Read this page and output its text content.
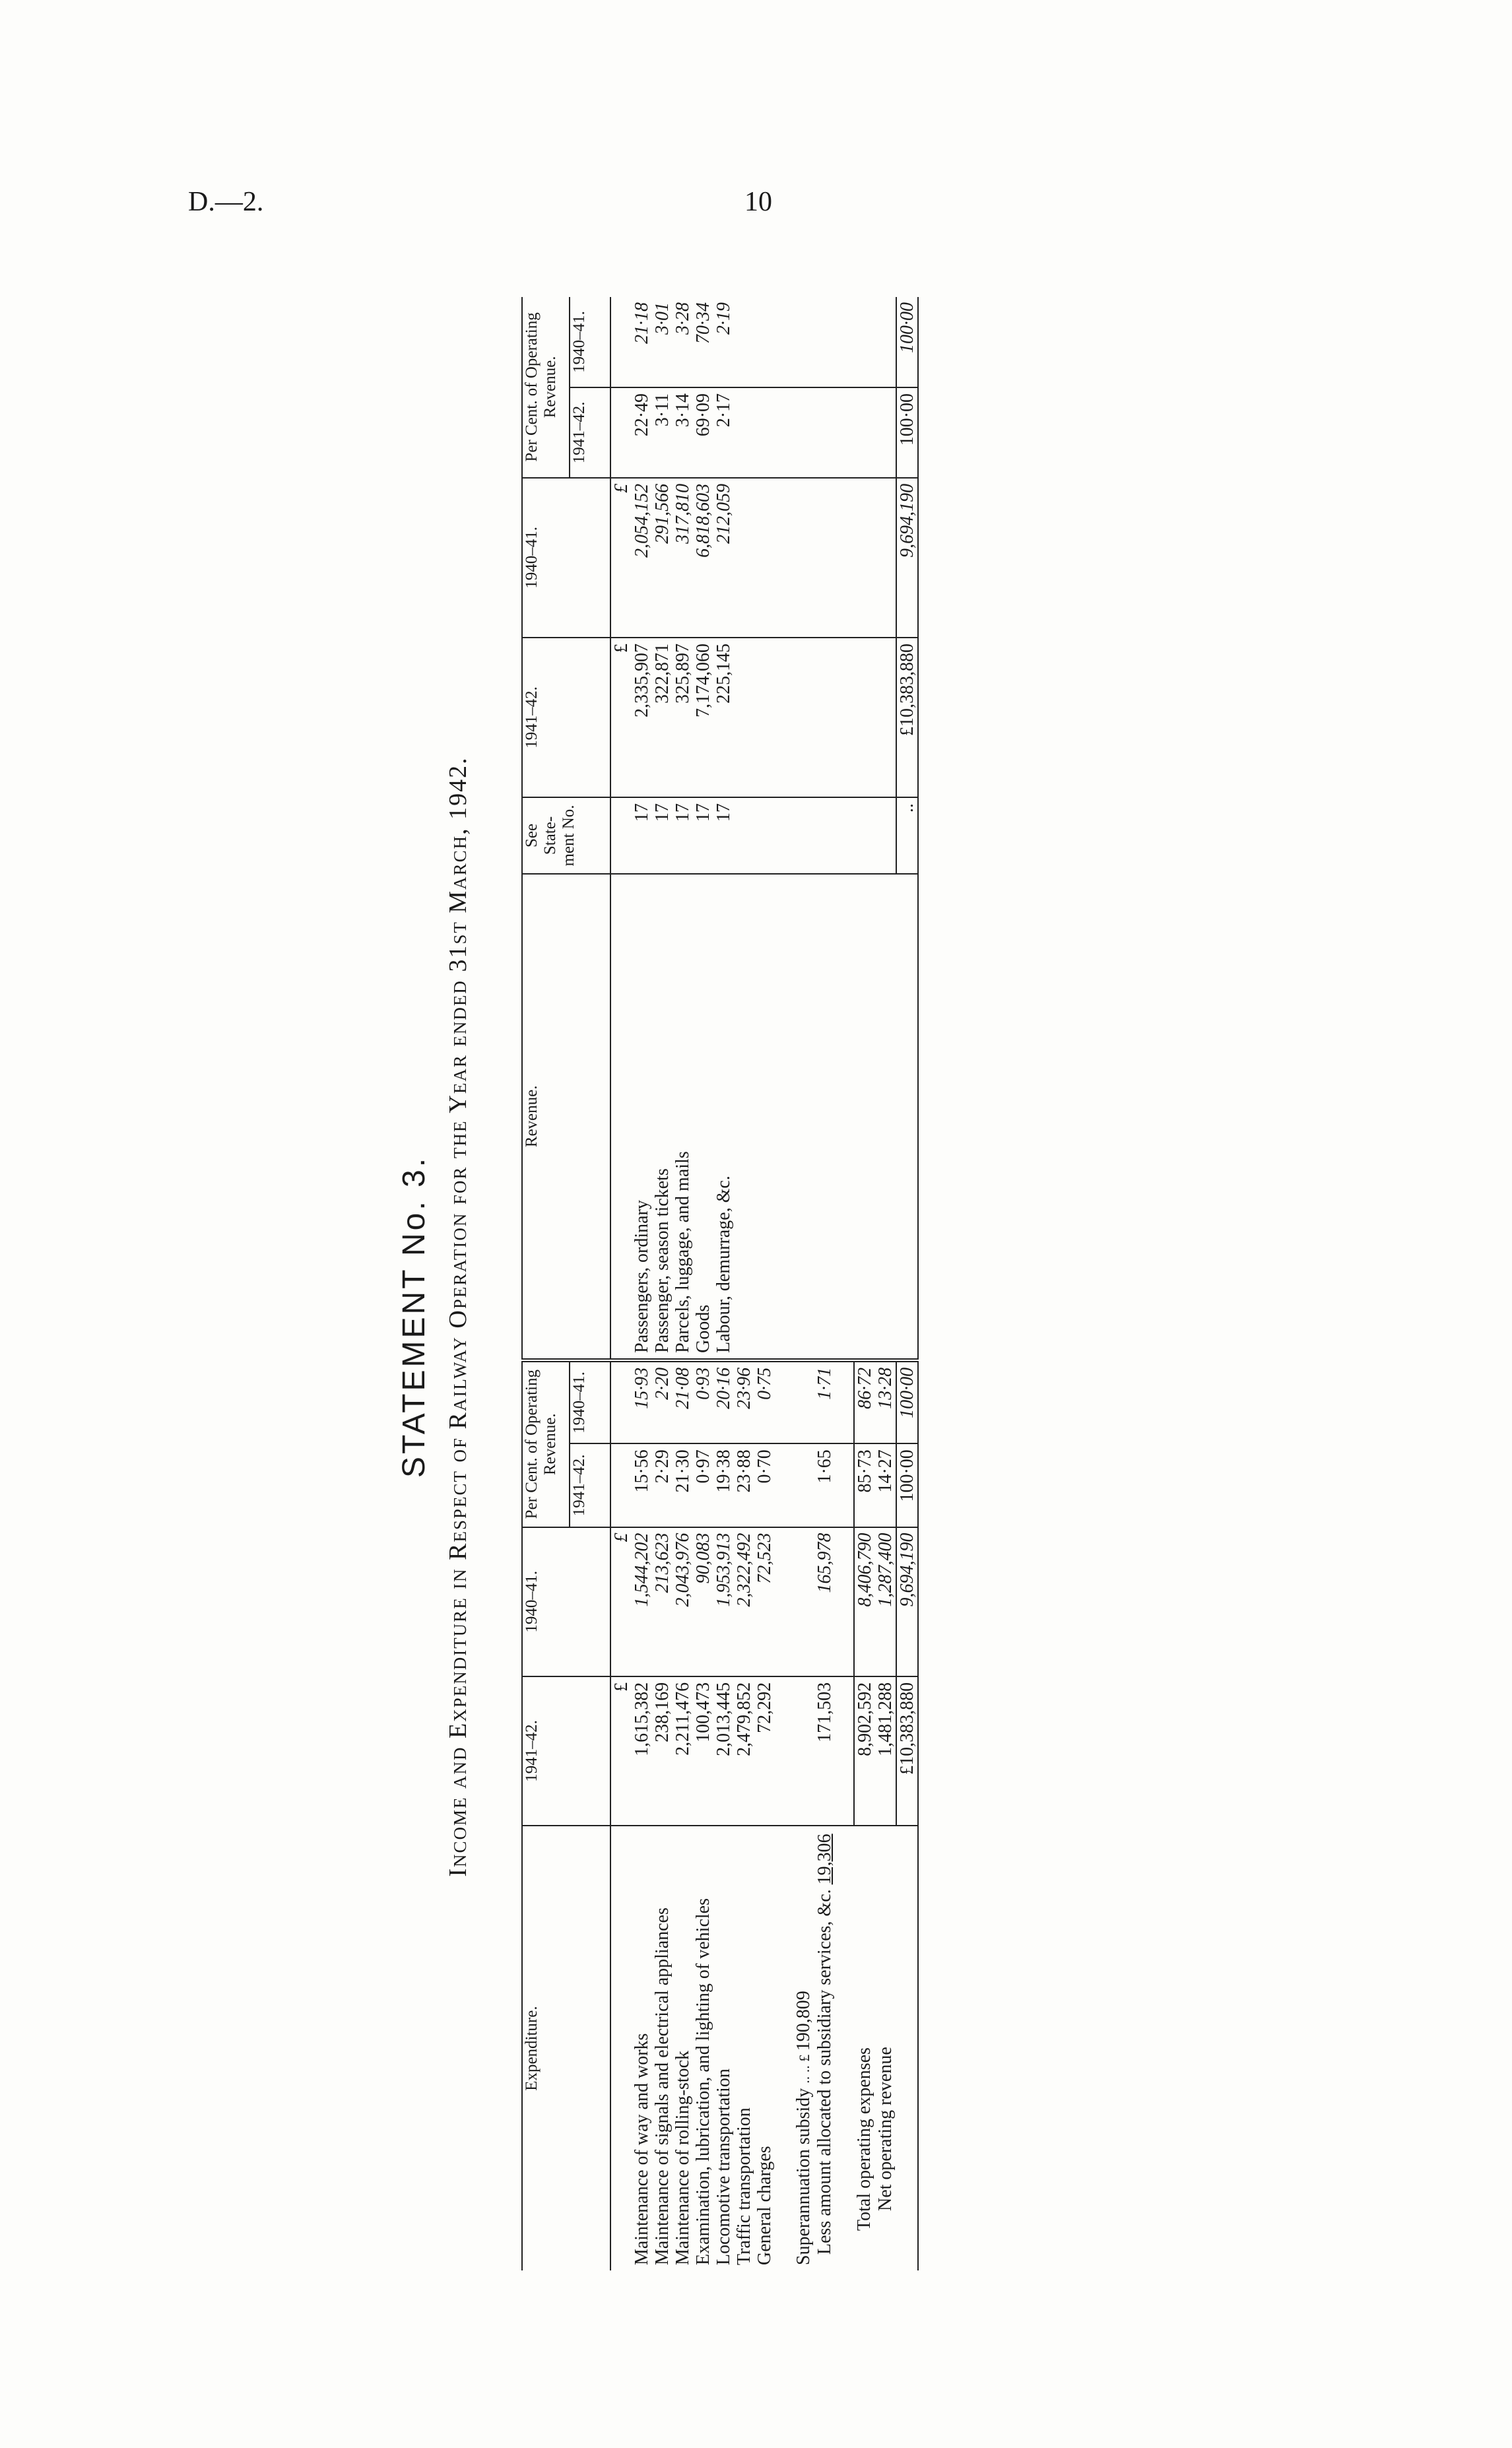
D.—2.	10
STATEMENT No. 3. Income and Expenditure in Respect of Railway Operation for the Year ended 31st March, 1942.
Expenditure.	1941–42.	1940–41.	Per Cent. of Operating Revenue.		Revenue.	See State-ment No.	1941–42.	1940–41.	Per Cent. of Operating Revenue.	
			1941–42.	1940–41.					1941–42.	1940–41.
	£	£					£	£		
Maintenance of way and works	1,615,382	1,544,202	15·56	15·93	Passengers, ordinary	17	2,335,907	2,054,152	22·49	21·18
Maintenance of signals and electrical appliances	238,169	213,623	2·29	2·20	Passenger, season tickets	17	322,871	291,566	3·11	3·01
Maintenance of rolling-stock	2,211,476	2,043,976	21·30	21·08	Parcels, luggage, and mails	17	325,897	317,810	3·14	3·28
Examination, lubrication, and lighting of vehicles	100,473	90,083	0·97	0·93	Goods	17	7,174,060	6,818,603	69·09	70·34
Locomotive transportation	2,013,445	1,953,913	19·38	20·16	Labour, demurrage, &c.	17	225,145	212,059	2·17	2·19
Traffic transportation	2,479,852	2,322,492	23·88	23·96						
General charges	72,292	72,523	0·70	0·75						

Superannuation subsidy .. .. £ 190,809										
Less amount allocated to subsidiary services, &c. 19,306	171,503	165,978	1·65	1·71						

Total operating expenses	8,902,592	8,406,790	85·73	86·72						
Net operating revenue	1,481,288	1,287,400	14·27	13·28						
	£10,383,880	9,694,190	100·00	100·00		..	£10,383,880	9,694,190	100·00	100·00
